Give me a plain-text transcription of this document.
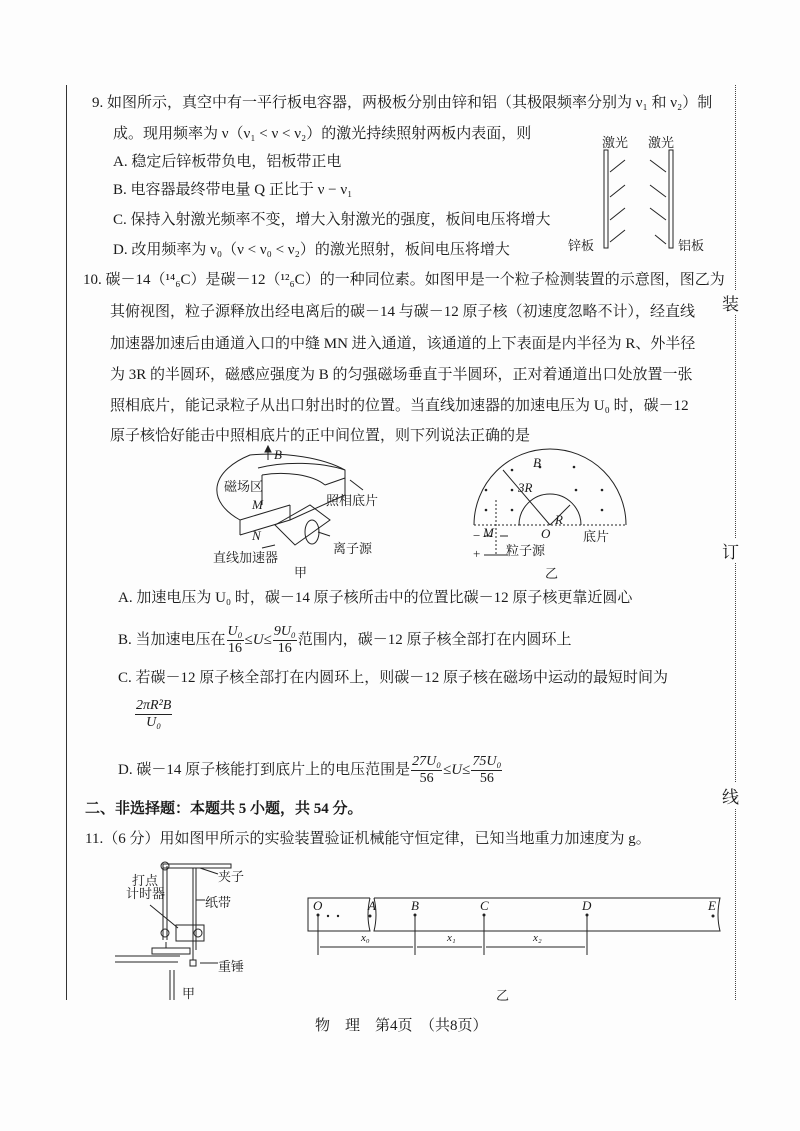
装
订
线
9. 如图所示，真空中有一平行板电容器，两极板分别由锌和铝（其极限频率分别为 ν₁ 和 ν₂）制
成。现用频率为 ν（ν₁ < ν < ν₂）的激光持续照射两板内表面，则
A. 稳定后锌板带负电，铝板带正电
B. 电容器最终带电量 Q 正比于 ν − ν₁
C. 保持入射激光频率不变，增大入射激光的强度，板间电压将增大
D. 改用频率为 ν₀（ν < ν₀ < ν₂）的激光照射，板间电压将增大
激光 激光
锌板	铝板
10. 碳－14（¹⁴₆C）是碳－12（¹²₆C）的一种同位素。如图甲是一个粒子检测装置的示意图，图乙为
其俯视图，粒子源释放出经电离后的碳－14 与碳－12 原子核（初速度忽略不计），经直线
加速器加速后由通道入口的中缝 MN 进入通道，该通道的上下表面是内半径为 R、外半径
为 3R 的半圆环，磁感应强度为 B 的匀强磁场垂直于半圆环，正对着通道出口处放置一张
照相底片，能记录粒子从出口射出时的位置。当直线加速器的加速电压为 U₀ 时，碳－12
原子核恰好能击中照相底片的正中间位置，则下列说法正确的是
B
磁场区
M
N
照相底片
离子源
直线加速器
甲
B
3R
R
O
M
−
+
底片
粒子源
乙
A. 加速电压为 U₀ 时，碳－14 原子核所击中的位置比碳－12 原子核更靠近圆心
B. 当加速电压在 $\frac{\text{U₀}}{16} \le U\le \frac{\text{9U₀}}{16}$ 范围内，碳－12 原子核全部打在内圆环上
C. 若碳－12 原子核全部打在内圆环上，则碳－12 原子核在磁场中运动的最短时间为
$\frac{\text{2πR²B}}{\text{U₀}}$
D. 碳－14 原子核能打到底片上的电压范围是 $\frac{\text{27U₀}}{56} \le U\le \frac{\text{75U₀}}{56}$
二、非选择题：本题共 5 小题，共 54 分。
11.（6 分）用如图甲所示的实验装置验证机械能守恒定律，已知当地重力加速度为 g。
夹子
打点
计时器
纸带
重锤
甲
O	A	B	C	D	E
x₀	x₁	x₂
乙
物　理　第4页　（共8页）
